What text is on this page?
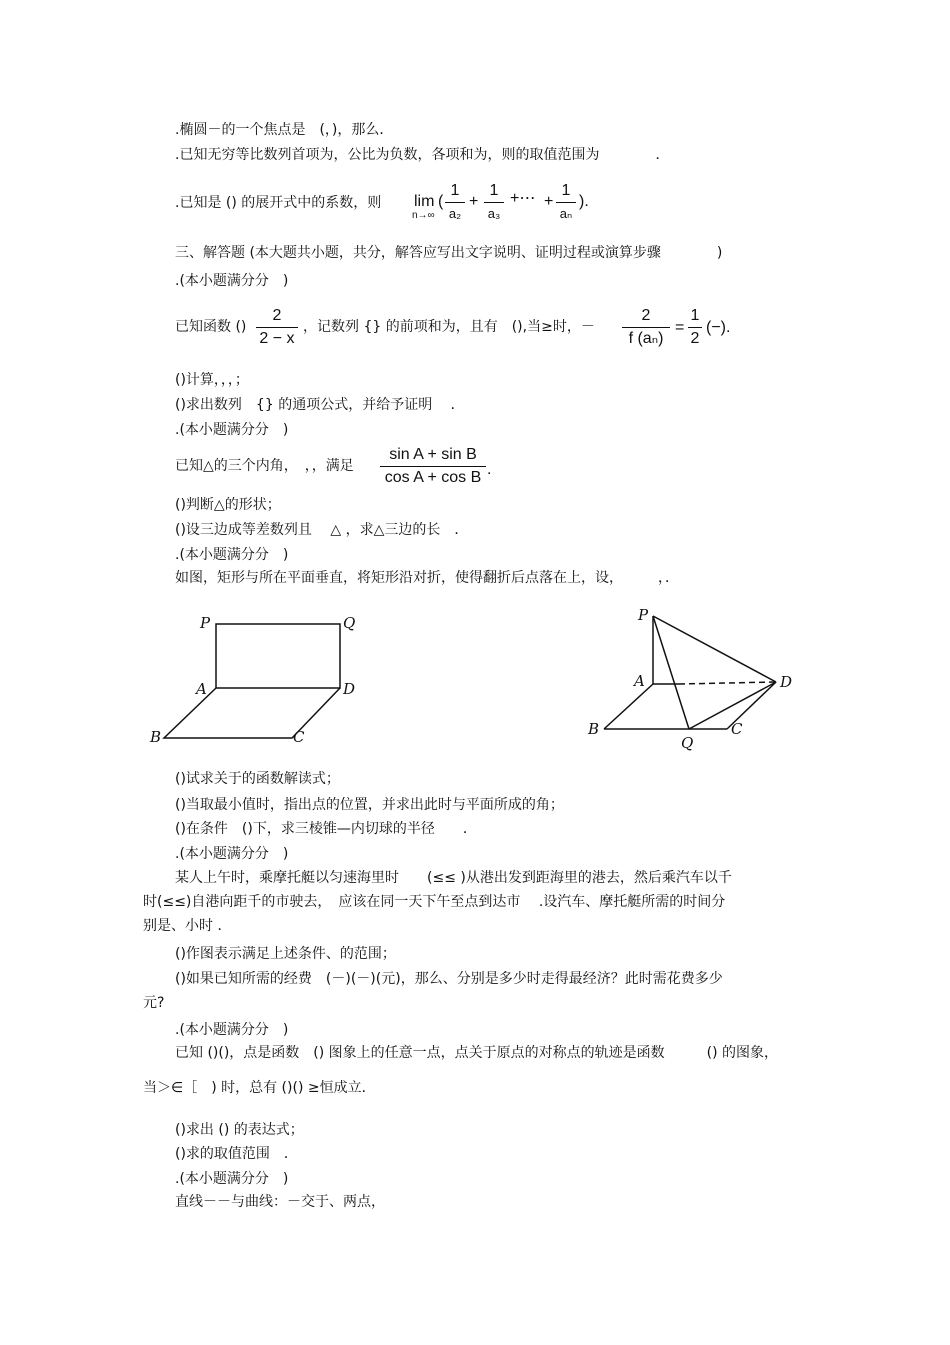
.椭圆－的一个焦点是　(，)，那么．
.已知无穷等比数列首项为，公比为负数，各项和为，则的取值范围为　　　　．
.已知是 () 的展开式中的系数，则 lim
n→∞
(
1
a₂
+
1
a₃
+⋯ +
1
aₙ
).
三、解答题 (本大题共小题，共分，解答应写出文字说明、证明过程或演算步骤　　　　)
.(本小题满分分　)
已知函数 ()
2
2 − x
，记数列 {} 的前项和为，且有　(),当≥时，－
2
f (aₙ)
=
1
2
(−).
()计算，，，；
()求出数列　{} 的通项公式，并给予证明　 ．
.(本小题满分分　)
已知△的三个内角，　，，满足
sin A + sin B
cos A + cos B .
()判断△的形状；
()设三边成等差数列且　 △ ，求△三边的长　．
.(本小题满分分　)
如图，矩形与所在平面垂直，将矩形沿对折，使得翻折后点落在上，设，　　　，．
P	Q
A	D
B	C
P
A	D
B
Q
C
()试求关于的函数解读式；
()当取最小值时，指出点的位置，并求出此时与平面所成的角；
()在条件　()下，求三棱锥—内切球的半径　　．
.(本小题满分分　)
某人上午时，乘摩托艇以匀速海里时　　(≤≤ )从港出发到距海里的港去，然后乘汽车以千
时(≤≤)自港向距千的市驶去，　应该在同一天下午至点到达市　 .设汽车、摩托艇所需的时间分
别是、小时 ．
()作图表示满足上述条件、的范围；
()如果已知所需的经费　(－)(－)(元)，那么、分别是多少时走得最经济？此时需花费多少
元?
.(本小题满分分　)
已知 ()()，点是函数　() 图象上的任意一点，点关于原点的对称点的轨迹是函数　　　() 的图象，
当＞∈［　) 时，总有 ()() ≥恒成立．
()求出 () 的表达式；
()求的取值范围　．
.(本小题满分分　)
直线－－与曲线：－交于、两点，
